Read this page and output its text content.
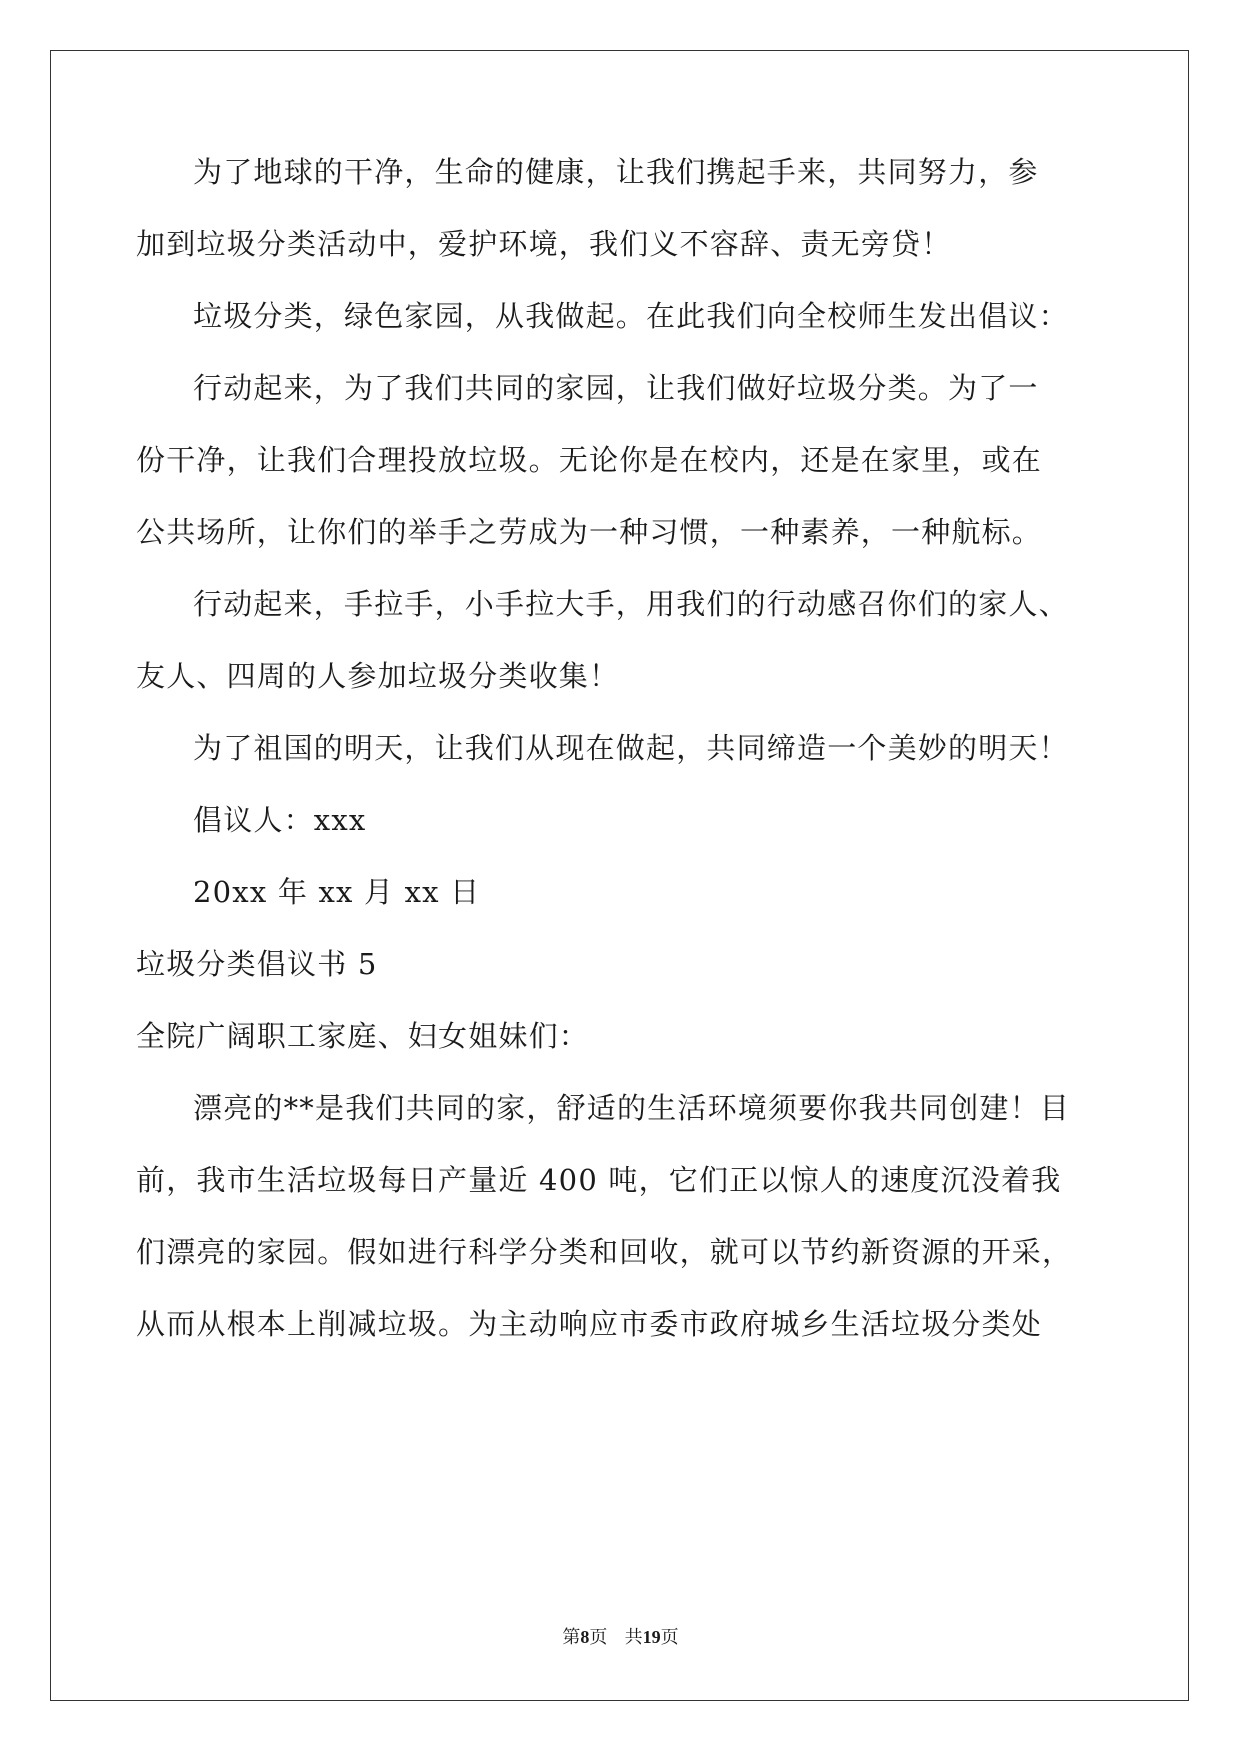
为了地球的干净，生命的健康，让我们携起手来，共同努力，参
加到垃圾分类活动中，爱护环境，我们义不容辞、责无旁贷！
垃圾分类，绿色家园，从我做起。在此我们向全校师生发出倡议：
行动起来，为了我们共同的家园，让我们做好垃圾分类。为了一
份干净，让我们合理投放垃圾。无论你是在校内，还是在家里，或在
公共场所，让你们的举手之劳成为一种习惯，一种素养，一种航标。
行动起来，手拉手，小手拉大手，用我们的行动感召你们的家人、
友人、四周的人参加垃圾分类收集！
为了祖国的明天，让我们从现在做起，共同缔造一个美妙的明天！
倡议人：xxx
20xx 年 xx 月 xx 日
垃圾分类倡议书 5
全院广阔职工家庭、妇女姐妹们：
漂亮的**是我们共同的家，舒适的生活环境须要你我共同创建！目
前，我市生活垃圾每日产量近 400 吨，它们正以惊人的速度沉没着我
们漂亮的家园。假如进行科学分类和回收，就可以节约新资源的开采，
从而从根本上削减垃圾。为主动响应市委市政府城乡生活垃圾分类处
第8页 共19页
